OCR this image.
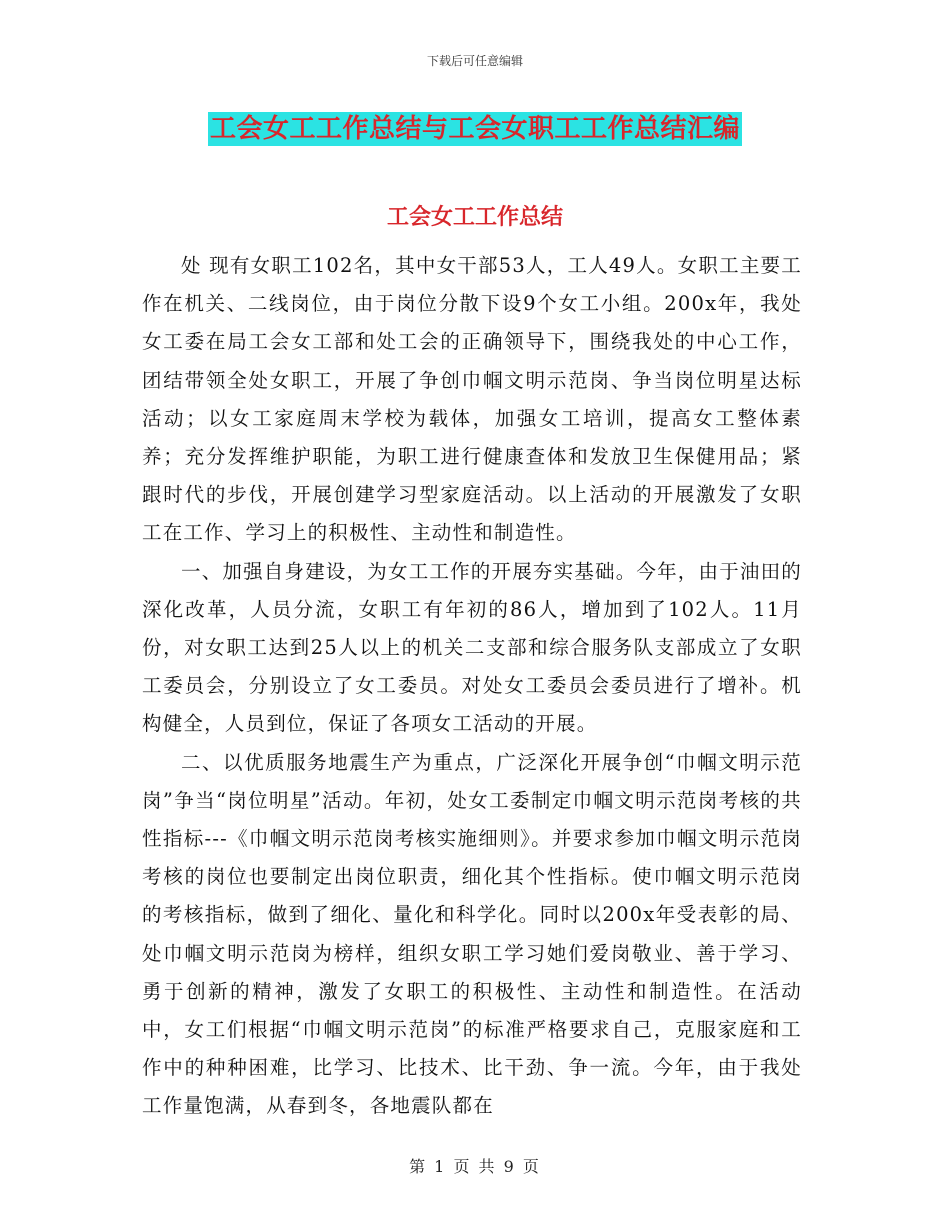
下载后可任意编辑
工会女工工作总结与工会女职工工作总结汇编
工会女工工作总结

处 现有女职工102名，其中女干部53人，工人49人。女职工主要工作在机关、二线岗位，由于岗位分散下设9个女工小组。200x年，我处女工委在局工会女工部和处工会的正确领导下，围绕我处的中心工作，团结带领全处女职工，开展了争创巾帼文明示范岗、争当岗位明星达标活动；以女工家庭周末学校为载体，加强女工培训，提高女工整体素养；充分发挥维护职能，为职工进行健康查体和发放卫生保健用品；紧跟时代的步伐，开展创建学习型家庭活动。以上活动的开展激发了女职工在工作、学习上的积极性、主动性和制造性。

一、加强自身建设，为女工工作的开展夯实基础。今年，由于油田的深化改革，人员分流，女职工有年初的86人，增加到了102人。11月份，对女职工达到25人以上的机关二支部和综合服务队支部成立了女职工委员会，分别设立了女工委员。对处女工委员会委员进行了增补。机构健全，人员到位，保证了各项女工活动的开展。

二、以优质服务地震生产为重点，广泛深化开展争创“巾帼文明示范岗”争当“岗位明星”活动。年初，处女工委制定巾帼文明示范岗考核的共性指标---《巾帼文明示范岗考核实施细则》。并要求参加巾帼文明示范岗考核的岗位也要制定出岗位职责，细化其个性指标。使巾帼文明示范岗的考核指标，做到了细化、量化和科学化。同时以200x年受表彰的局、处巾帼文明示范岗为榜样，组织女职工学习她们爱岗敬业、善于学习、勇于创新的精神，激发了女职工的积极性、主动性和制造性。在活动中，女工们根据“巾帼文明示范岗”的标准严格要求自己，克服家庭和工作中的种种困难，比学习、比技术、比干劲、争一流。今年，由于我处工作量饱满，从春到冬，各地震队都在

第 1 页 共 9 页
